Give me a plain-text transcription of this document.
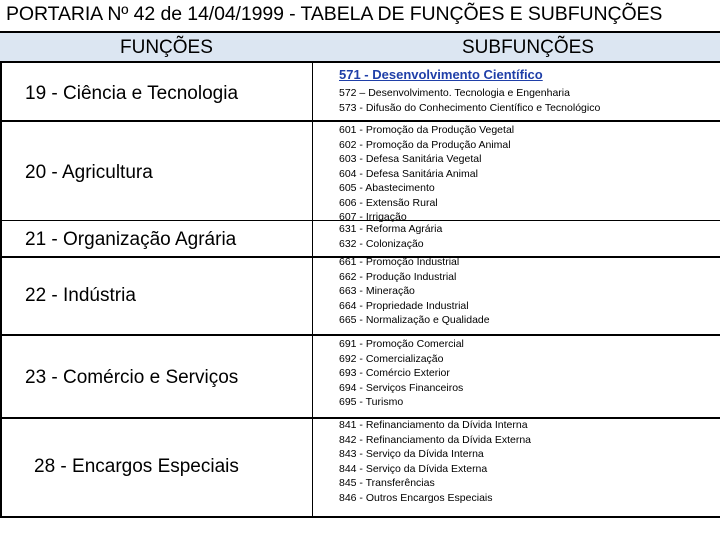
PORTARIA Nº 42 de 14/04/1999 - TABELA DE FUNÇÕES E SUBFUNÇÕES
FUNÇÕES	SUBFUNÇÕES
19 - Ciência e Tecnologia
571 - Desenvolvimento Científico
572 – Desenvolvimento. Tecnologia e Engenharia
573 - Difusão do Conhecimento Científico e Tecnológico
20 - Agricultura
601 - Promoção da Produção Vegetal
602 - Promoção da Produção Animal
603 - Defesa Sanitária Vegetal
604 - Defesa Sanitária Animal
605 - Abastecimento
606 - Extensão Rural
607 - Irrigação
21 - Organização Agrária	631 - Reforma Agrária
632 - Colonização
22 - Indústria
661 - Promoção Industrial
662 - Produção Industrial
663 - Mineração
664 - Propriedade Industrial
665 - Normalização e Qualidade
23 - Comércio e Serviços
691 - Promoção Comercial
692 - Comercialização
693 - Comércio Exterior
694 - Serviços Financeiros
695 - Turismo
28 - Encargos Especiais
841 - Refinanciamento da Dívida Interna
842 - Refinanciamento da Dívida Externa
843 - Serviço da Dívida Interna
844 - Serviço da Dívida Externa
845 - Transferências
846 - Outros Encargos Especiais
